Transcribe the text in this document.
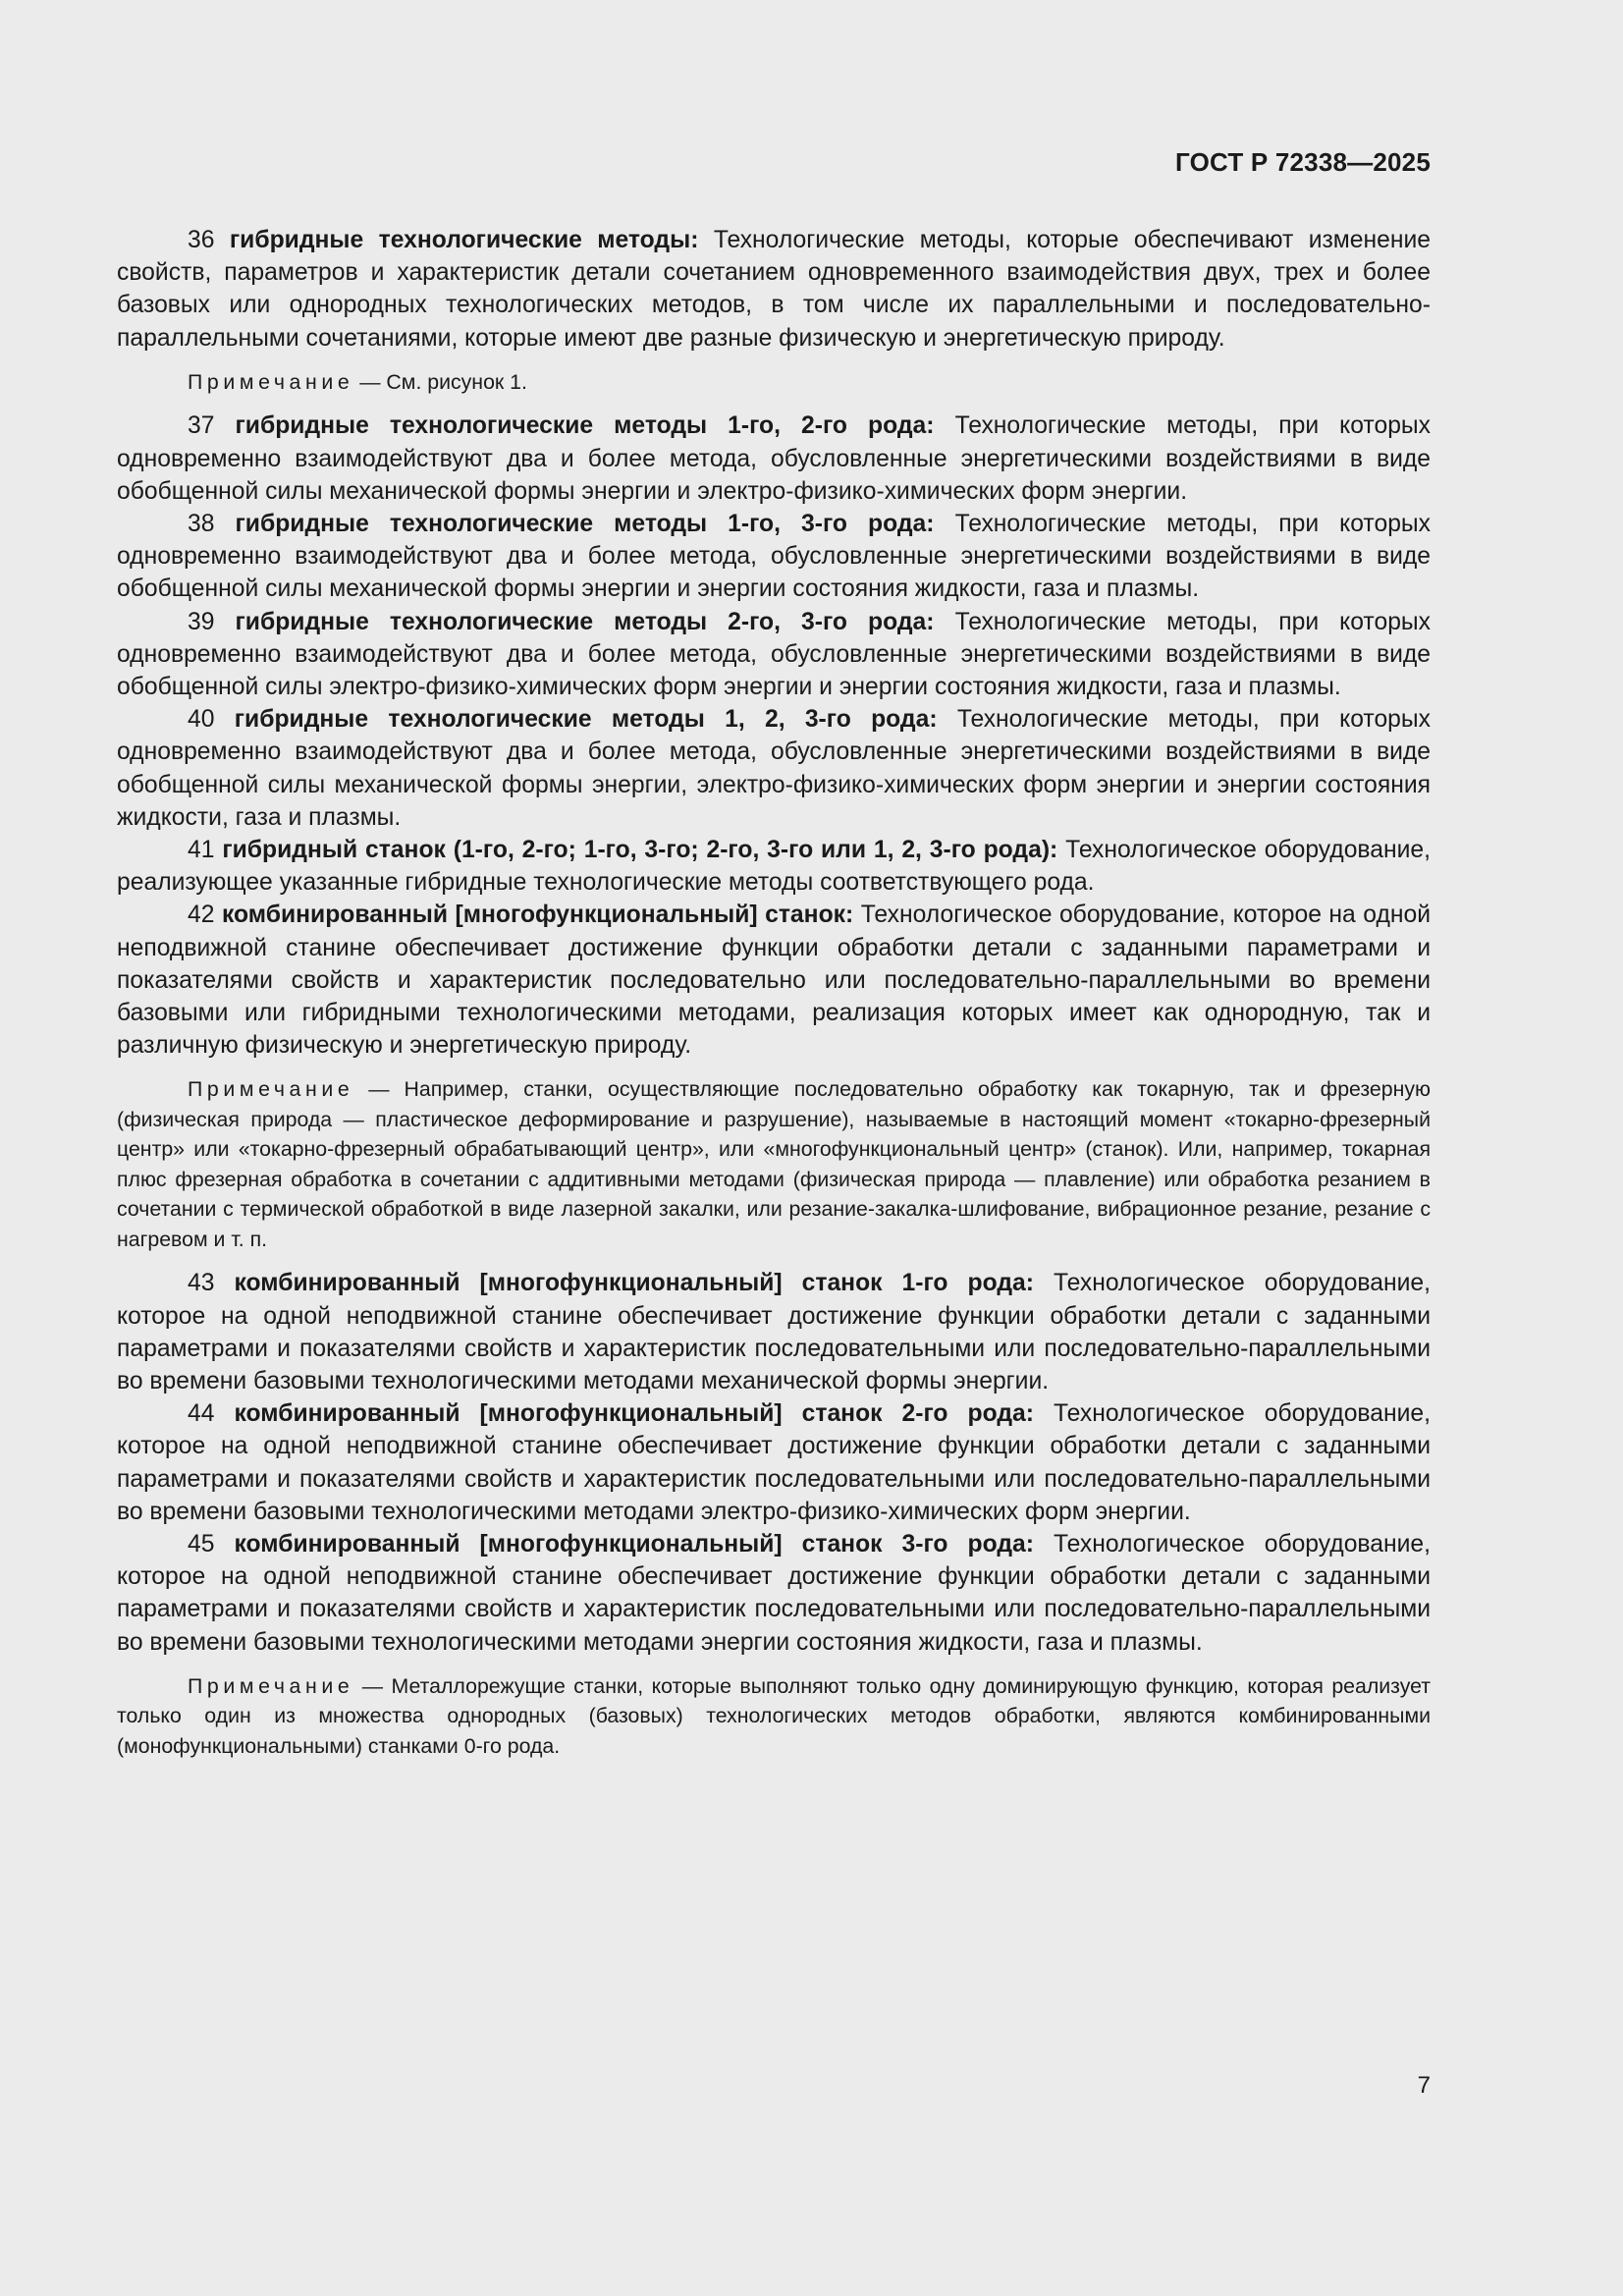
ГОСТ Р 72338—2025

36 гибридные технологические методы: Технологические методы, которые обеспечивают изменение свойств, параметров и характеристик детали сочетанием одновременного взаимодействия двух, трех и более базовых или однородных технологических методов, в том числе их параллельными и последовательно-параллельными сочетаниями, которые имеют две разные физическую и энергетическую природу.

Примечание — См. рисунок 1.

37 гибридные технологические методы 1-го, 2-го рода: Технологические методы, при которых одновременно взаимодействуют два и более метода, обусловленные энергетическими воздействиями в виде обобщенной силы механической формы энергии и электро-физико-химических форм энергии.

38 гибридные технологические методы 1-го, 3-го рода: Технологические методы, при которых одновременно взаимодействуют два и более метода, обусловленные энергетическими воздействиями в виде обобщенной силы механической формы энергии и энергии состояния жидкости, газа и плазмы.

39 гибридные технологические методы 2-го, 3-го рода: Технологические методы, при которых одновременно взаимодействуют два и более метода, обусловленные энергетическими воздействиями в виде обобщенной силы электро-физико-химических форм энергии и энергии состояния жидкости, газа и плазмы.

40 гибридные технологические методы 1, 2, 3-го рода: Технологические методы, при которых одновременно взаимодействуют два и более метода, обусловленные энергетическими воздействиями в виде обобщенной силы механической формы энергии, электро-физико-химических форм энергии и энергии состояния жидкости, газа и плазмы.

41 гибридный станок (1-го, 2-го; 1-го, 3-го; 2-го, 3-го или 1, 2, 3-го рода): Технологическое оборудование, реализующее указанные гибридные технологические методы соответствующего рода.

42 комбинированный [многофункциональный] станок: Технологическое оборудование, которое на одной неподвижной станине обеспечивает достижение функции обработки детали с заданными параметрами и показателями свойств и характеристик последовательно или последовательно-параллельными во времени базовыми или гибридными технологическими методами, реализация которых имеет как однородную, так и различную физическую и энергетическую природу.

Примечание — Например, станки, осуществляющие последовательно обработку как токарную, так и фрезерную (физическая природа — пластическое деформирование и разрушение), называемые в настоящий момент «токарно-фрезерный центр» или «токарно-фрезерный обрабатывающий центр», или «многофункциональный центр» (станок). Или, например, токарная плюс фрезерная обработка в сочетании с аддитивными методами (физическая природа — плавление) или обработка резанием в сочетании с термической обработкой в виде лазерной закалки, или резание-закалка-шлифование, вибрационное резание, резание с нагревом и т. п.

43 комбинированный [многофункциональный] станок 1-го рода: Технологическое оборудование, которое на одной неподвижной станине обеспечивает достижение функции обработки детали с заданными параметрами и показателями свойств и характеристик последовательными или последовательно-параллельными во времени базовыми технологическими методами механической формы энергии.

44 комбинированный [многофункциональный] станок 2-го рода: Технологическое оборудование, которое на одной неподвижной станине обеспечивает достижение функции обработки детали с заданными параметрами и показателями свойств и характеристик последовательными или последовательно-параллельными во времени базовыми технологическими методами электро-физико-химических форм энергии.

45 комбинированный [многофункциональный] станок 3-го рода: Технологическое оборудование, которое на одной неподвижной станине обеспечивает достижение функции обработки детали с заданными параметрами и показателями свойств и характеристик последовательными или последовательно-параллельными во времени базовыми технологическими методами энергии состояния жидкости, газа и плазмы.

Примечание — Металлорежущие станки, которые выполняют только одну доминирующую функцию, которая реализует только один из множества однородных (базовых) технологических методов обработки, являются комбинированными (монофункциональными) станками 0-го рода.

7
